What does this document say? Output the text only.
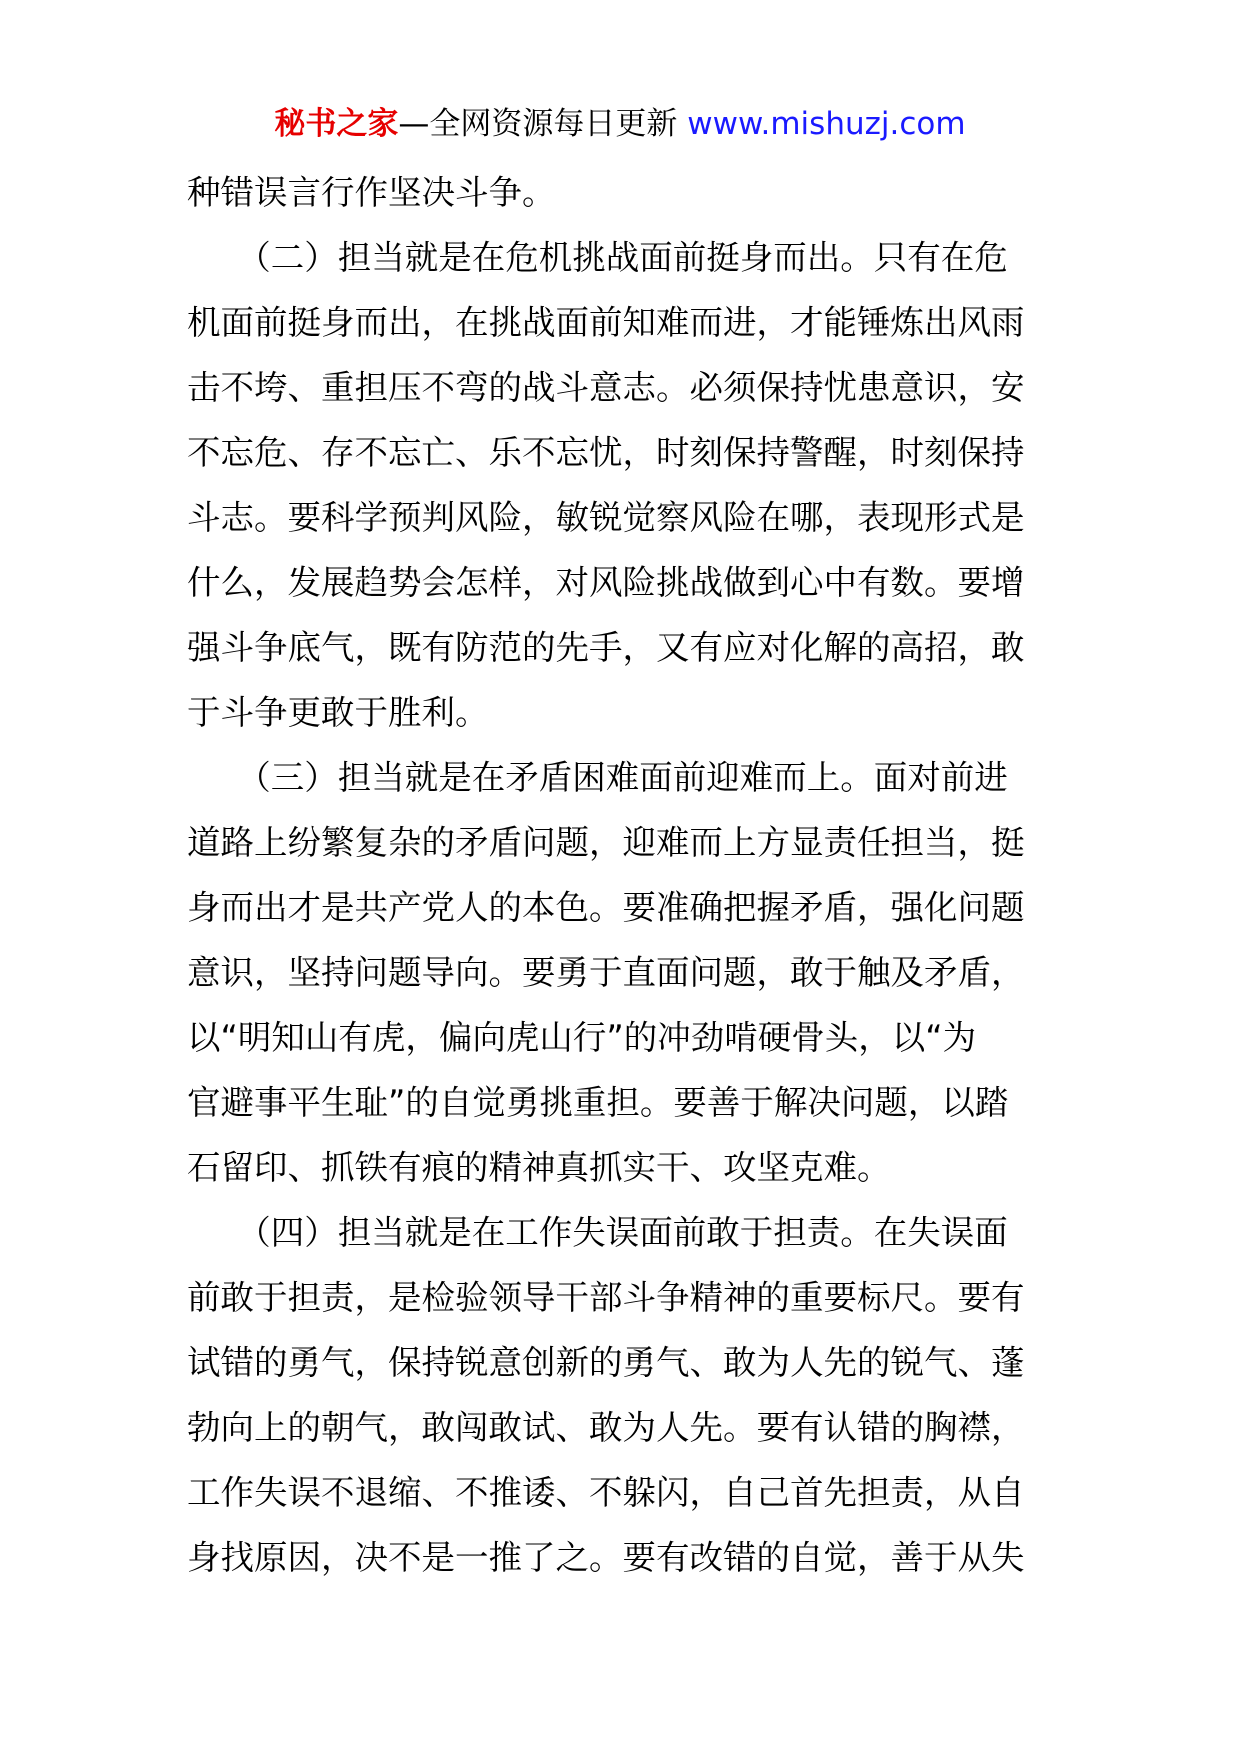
秘书之家—全网资源每日更新 www.mishuzj.com
种错误言行作坚决斗争。
　　（二）担当就是在危机挑战面前挺身而出。只有在危
机面前挺身而出，在挑战面前知难而进，才能锤炼出风雨
击不垮、重担压不弯的战斗意志。必须保持忧患意识，安
不忘危、存不忘亡、乐不忘忧，时刻保持警醒，时刻保持
斗志。要科学预判风险，敏锐觉察风险在哪，表现形式是
什么，发展趋势会怎样，对风险挑战做到心中有数。要增
强斗争底气，既有防范的先手，又有应对化解的高招，敢
于斗争更敢于胜利。
　　（三）担当就是在矛盾困难面前迎难而上。面对前进
道路上纷繁复杂的矛盾问题，迎难而上方显责任担当，挺
身而出才是共产党人的本色。要准确把握矛盾，强化问题
意识，坚持问题导向。要勇于直面问题，敢于触及矛盾，
以“明知山有虎，偏向虎山行”的冲劲啃硬骨头，以“为
官避事平生耻”的自觉勇挑重担。要善于解决问题，以踏
石留印、抓铁有痕的精神真抓实干、攻坚克难。
　　（四）担当就是在工作失误面前敢于担责。在失误面
前敢于担责，是检验领导干部斗争精神的重要标尺。要有
试错的勇气，保持锐意创新的勇气、敢为人先的锐气、蓬
勃向上的朝气，敢闯敢试、敢为人先。要有认错的胸襟，
工作失误不退缩、不推诿、不躲闪，自己首先担责，从自
身找原因，决不是一推了之。要有改错的自觉，善于从失
